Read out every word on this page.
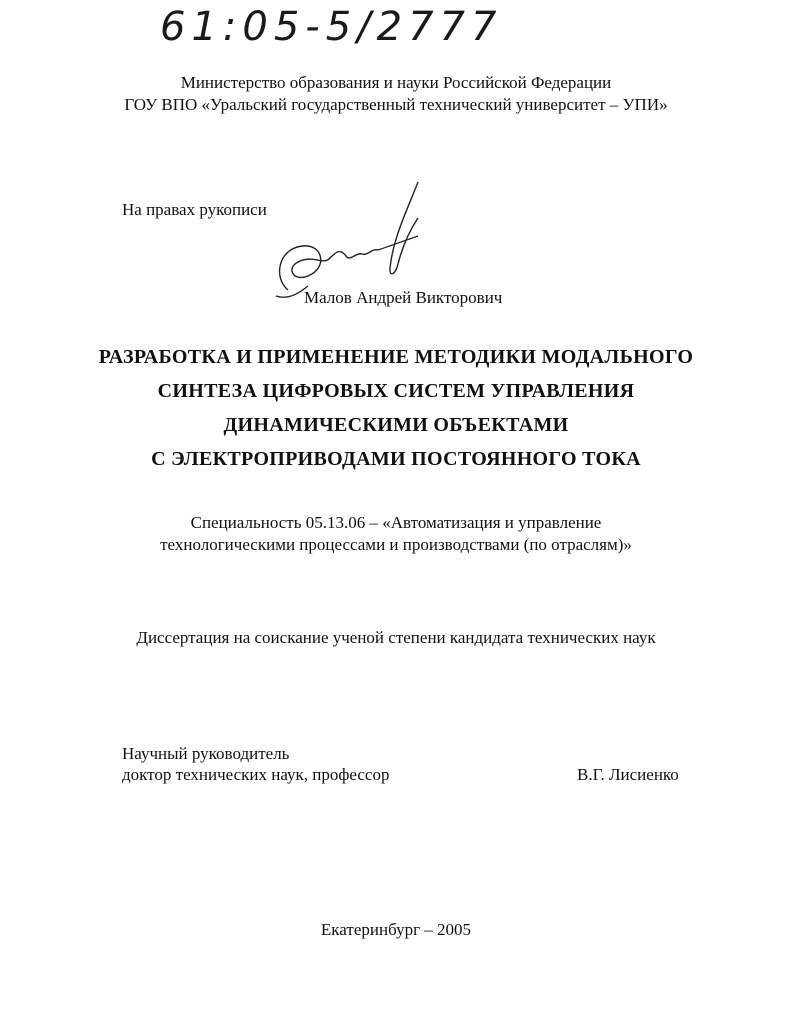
61:05-5/2777
Министерство образования и науки Российской Федерации
ГОУ ВПО «Уральский государственный технический университет – УПИ»
На правах рукописи
Малов Андрей Викторович
РАЗРАБОТКА И ПРИМЕНЕНИЕ МЕТОДИКИ МОДАЛЬНОГО
СИНТЕЗА ЦИФРОВЫХ СИСТЕМ УПРАВЛЕНИЯ
ДИНАМИЧЕСКИМИ ОБЪЕКТАМИ
С ЭЛЕКТРОПРИВОДАМИ ПОСТОЯННОГО ТОКА
Специальность 05.13.06 – «Автоматизация и управление
технологическими процессами и производствами (по отраслям)»
Диссертация на соискание ученой степени кандидата технических наук
Научный руководитель
доктор технических наук, профессор	В.Г. Лисиенко
Екатеринбург – 2005
